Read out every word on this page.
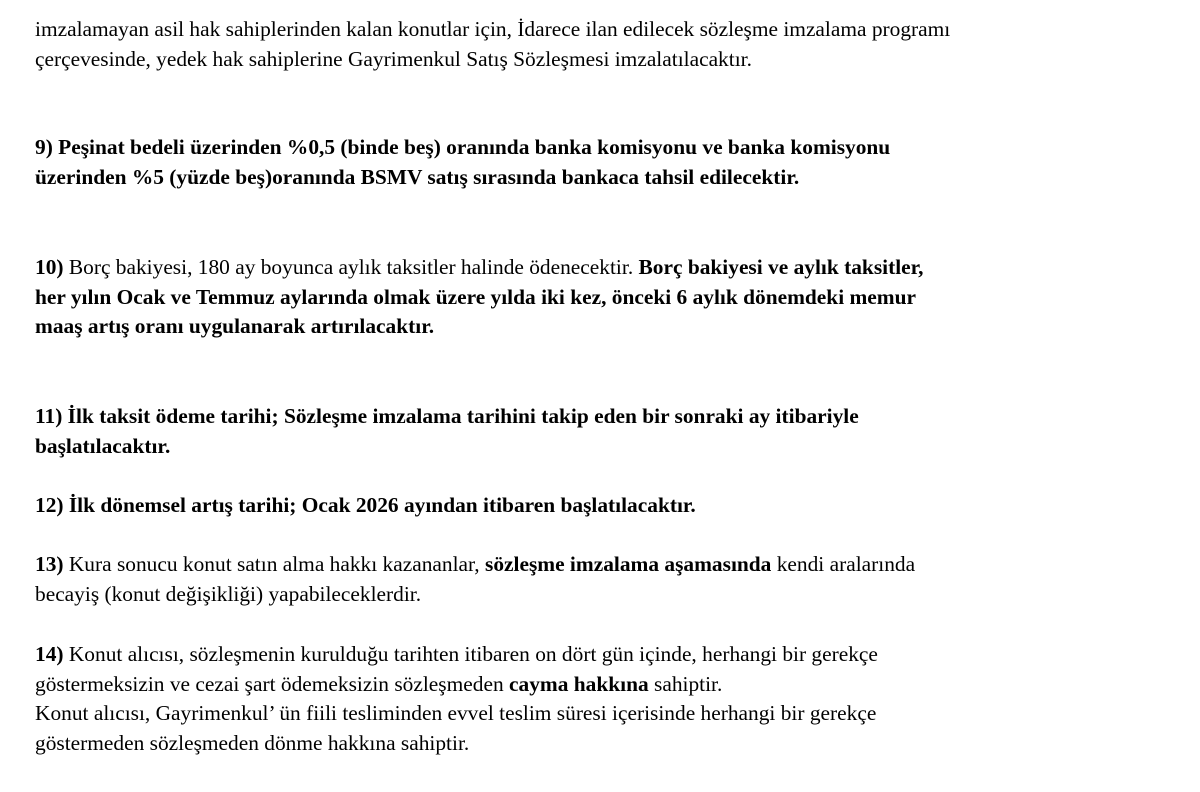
imzalamayan asil hak sahiplerinden kalan konutlar için, İdarece ilan edilecek sözleşme imzalama programı
çerçevesinde, yedek hak sahiplerine Gayrimenkul Satış Sözleşmesi imzalatılacaktır.
9) Peşinat bedeli üzerinden %0,5 (binde beş) oranında banka komisyonu ve banka komisyonu
üzerinden %5 (yüzde beş)oranında BSMV satış sırasında bankaca tahsil edilecektir.
10) Borç bakiyesi, 180 ay boyunca aylık taksitler halinde ödenecektir. Borç bakiyesi ve aylık taksitler,
her yılın Ocak ve Temmuz aylarında olmak üzere yılda iki kez, önceki 6 aylık dönemdeki memur
maaş artış oranı uygulanarak artırılacaktır.
11) İlk taksit ödeme tarihi; Sözleşme imzalama tarihini takip eden bir sonraki ay itibariyle
başlatılacaktır.
12) İlk dönemsel artış tarihi; Ocak 2026 ayından itibaren başlatılacaktır.
13) Kura sonucu konut satın alma hakkı kazananlar, sözleşme imzalama aşamasında kendi aralarında
becayiş (konut değişikliği) yapabileceklerdir.
14) Konut alıcısı, sözleşmenin kurulduğu tarihten itibaren on dört gün içinde, herhangi bir gerekçe
göstermeksizin ve cezai şart ödemeksizin sözleşmeden cayma hakkına sahiptir.
Konut alıcısı, Gayrimenkul’ ün fiili tesliminden evvel teslim süresi içerisinde herhangi bir gerekçe
göstermeden sözleşmeden dönme hakkına sahiptir.
